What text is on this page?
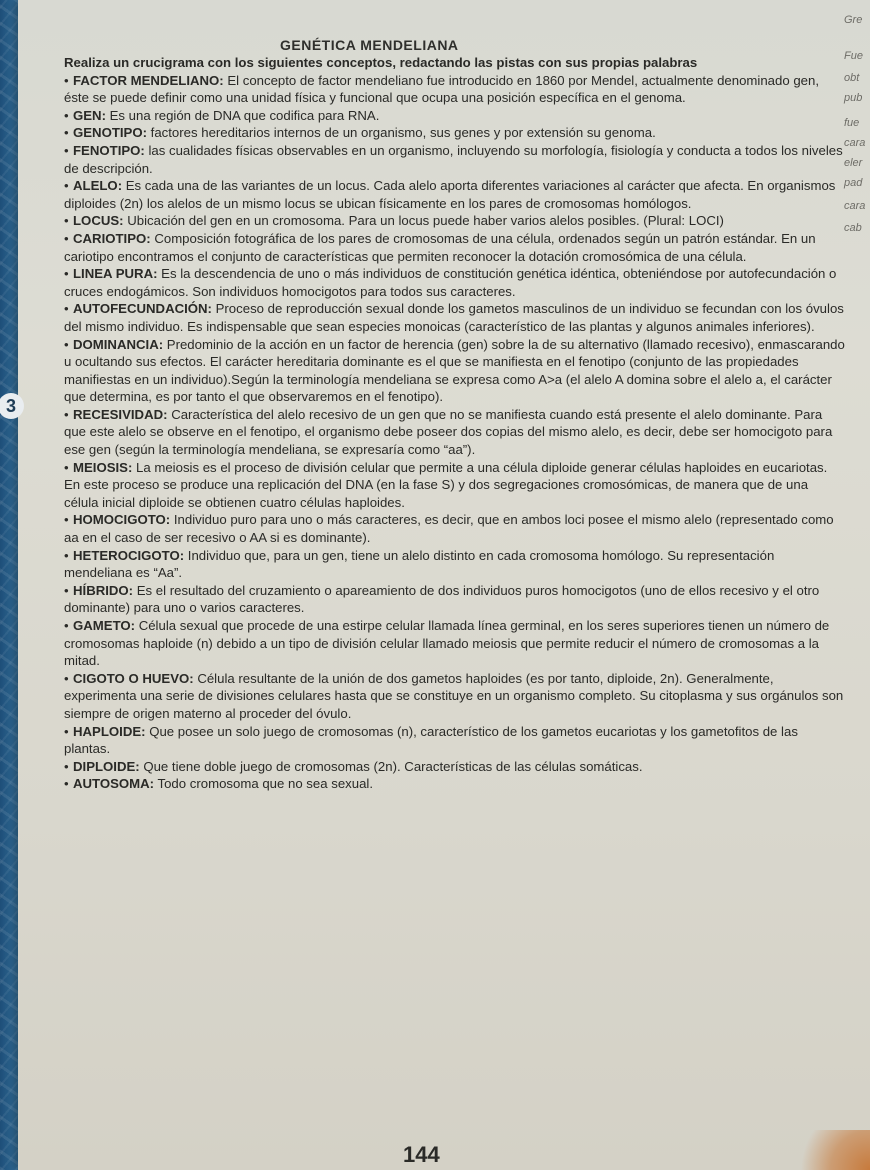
Gre
Fue
obt
pub
fue
cara
eler
pad
cara
cab
GENÉTICA MENDELIANA

Realiza un crucigrama con los siguientes conceptos, redactando las pistas con sus propias palabras

• FACTOR MENDELIANO: El concepto de factor mendeliano fue introducido en 1860 por Mendel, actualmente denominado gen, éste se puede definir como una unidad física y funcional que ocupa una posición específica en el genoma.

• GEN: Es una región de DNA que codifica para RNA.

• GENOTIPO: factores hereditarios internos de un organismo, sus genes y por extensión su genoma.

• FENOTIPO: las cualidades físicas observables en un organismo, incluyendo su morfología, fisiología y conducta a todos los niveles de descripción.

• ALELO: Es cada una de las variantes de un locus. Cada alelo aporta diferentes variaciones al carácter que afecta. En organismos diploides (2n) los alelos de un mismo locus se ubican físicamente en los pares de cromosomas homólogos.

• LOCUS: Ubicación del gen en un cromosoma. Para un locus puede haber varios alelos posibles. (Plural: LOCI)

• CARIOTIPO: Composición fotográfica de los pares de cromosomas de una célula, ordenados según un patrón estándar. En un cariotipo encontramos el conjunto de características que permiten reconocer la dotación cromosómica de una célula.

• LINEA PURA: Es la descendencia de uno o más individuos de constitución genética idéntica, obteniéndose por autofecundación o cruces endogámicos. Son individuos homocigotos para todos sus caracteres.

• AUTOFECUNDACIÓN: Proceso de reproducción sexual donde los gametos masculinos de un individuo se fecundan con los óvulos del mismo individuo. Es indispensable que sean especies monoicas (característico de las plantas y algunos animales inferiores).

• DOMINANCIA: Predominio de la acción en un factor de herencia (gen) sobre la de su alternativo (llamado recesivo), enmascarando u ocultando sus efectos. El carácter hereditaria dominante es el que se manifiesta en el fenotipo (conjunto de las propiedades manifiestas en un individuo).Según la terminología mendeliana se expresa como A>a (el alelo A domina sobre el alelo a, el carácter que determina, es por tanto el que observaremos en el fenotipo).

• RECESIVIDAD: Característica del alelo recesivo de un gen que no se manifiesta cuando está presente el alelo dominante. Para que este alelo se observe en el fenotipo, el organismo debe poseer dos copias del mismo alelo, es decir, debe ser homocigoto para ese gen (según la terminología mendeliana, se expresaría como “aa”).

• MEIOSIS: La meiosis es el proceso de división celular que permite a una célula diploide generar células haploides en eucariotas. En este proceso se produce una replicación del DNA (en la fase S) y dos segregaciones cromosómicas, de manera que de una célula inicial diploide se obtienen cuatro células haploides.

• HOMOCIGOTO: Individuo puro para uno o más caracteres, es decir, que en ambos loci posee el mismo alelo (representado como aa en el caso de ser recesivo o AA si es dominante).

• HETEROCIGOTO: Individuo que, para un gen, tiene un alelo distinto en cada cromosoma homólogo. Su representación mendeliana es “Aa”.

• HÍBRIDO: Es el resultado del cruzamiento o apareamiento de dos individuos puros homocigotos (uno de ellos recesivo y el otro dominante) para uno o varios caracteres.

• GAMETO: Célula sexual que procede de una estirpe celular llamada línea germinal, en los seres superiores tienen un número de cromosomas haploide (n) debido a un tipo de división celular llamado meiosis que permite reducir el número de cromosomas a la mitad.

• CIGOTO O HUEVO: Célula resultante de la unión de dos gametos haploides (es por tanto, diploide, 2n). Generalmente, experimenta una serie de divisiones celulares hasta que se constituye en un organismo completo. Su citoplasma y sus orgánulos son siempre de origen materno al proceder del óvulo.

• HAPLOIDE: Que posee un solo juego de cromosomas (n), característico de los gametos eucariotas y los gametofitos de las plantas.

• DIPLOIDE: Que tiene doble juego de cromosomas (2n). Características de las células somáticas.

• AUTOSOMA: Todo cromosoma que no sea sexual.

144
3
